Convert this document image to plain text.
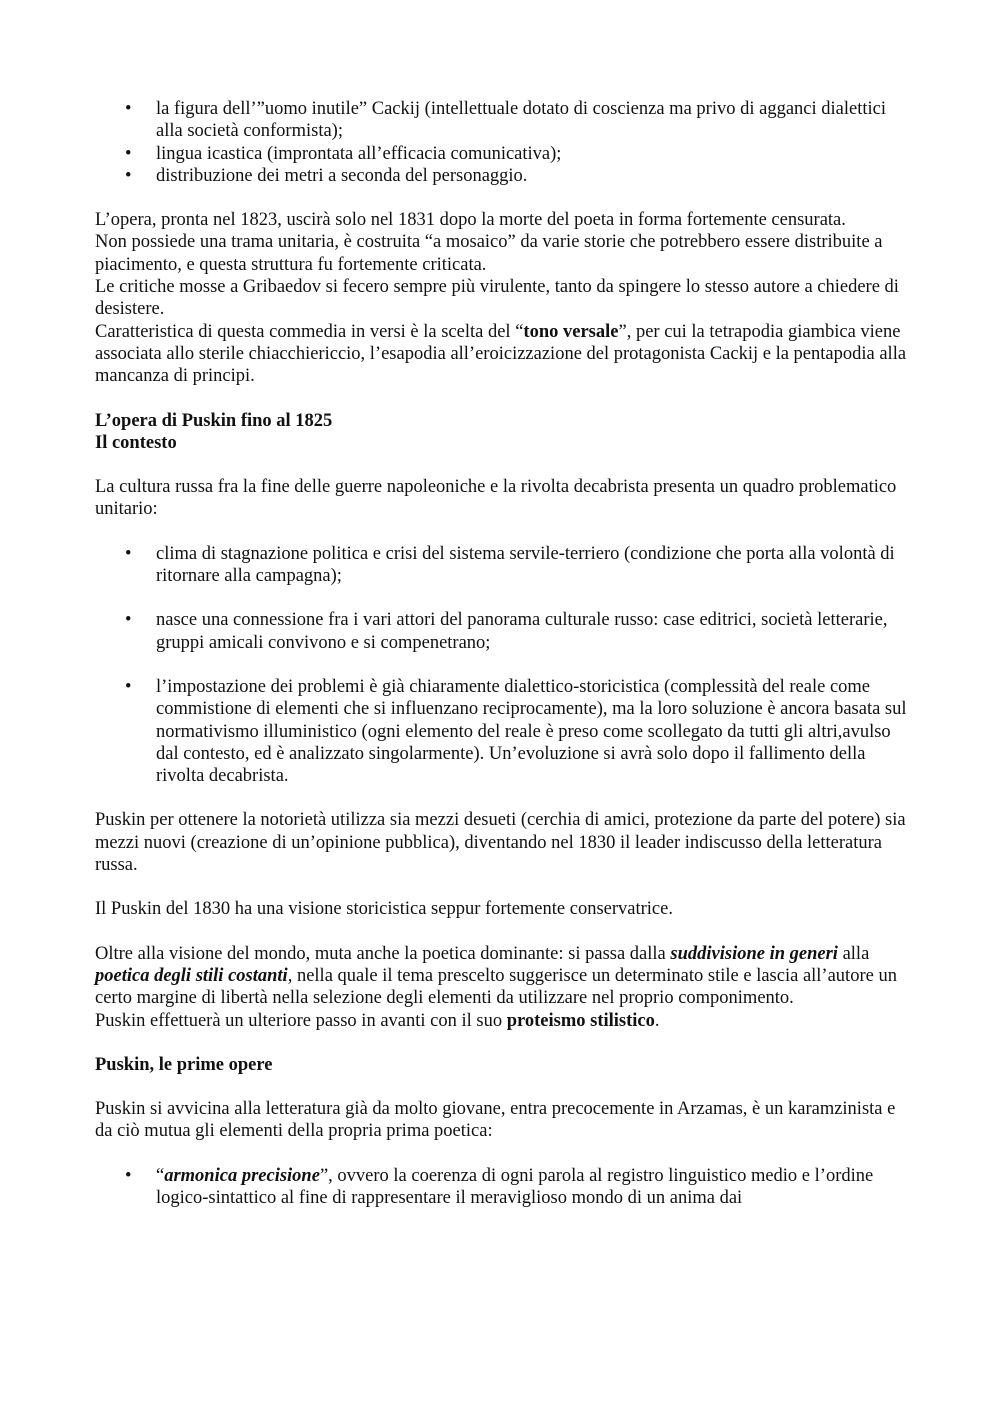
• la figura dell’”uomo inutile” Cackij (intellettuale dotato di coscienza ma privo di agganci dialettici alla società conformista);
• lingua icastica (improntata all’efficacia comunicativa);
• distribuzione dei metri a seconda del personaggio.

L’opera, pronta nel 1823, uscirà solo nel 1831 dopo la morte del poeta in forma fortemente censurata.

Non possiede una trama unitaria, è costruita “a mosaico” da varie storie che potrebbero essere distribuite a piacimento, e questa struttura fu fortemente criticata.

Le critiche mosse a Gribaedov si fecero sempre più virulente, tanto da spingere lo stesso autore a chiedere di desistere.

Caratteristica di questa commedia in versi è la scelta del “tono versale”, per cui la tetrapodia giambica viene associata allo sterile chiacchiericcio, l’esapodia all’eroicizzazione del protagonista Cackij e la pentapodia alla mancanza di principi.

L’opera di Puskin fino al 1825

Il contesto

La cultura russa fra la fine delle guerre napoleoniche e la rivolta decabrista presenta un quadro problematico unitario:

• clima di stagnazione politica e crisi del sistema servile-terriero (condizione che porta alla volontà di ritornare alla campagna);
• nasce una connessione fra i vari attori del panorama culturale russo: case editrici, società letterarie, gruppi amicali convivono e si compenetrano;
• l’impostazione dei problemi è già chiaramente dialettico-storicistica (complessità del reale come commistione di elementi che si influenzano reciprocamente), ma la loro soluzione è ancora basata sul normativismo illuministico (ogni elemento del reale è preso come scollegato da tutti gli altri,avulso dal contesto, ed è analizzato singolarmente). Un’evoluzione si avrà solo dopo il fallimento della rivolta decabrista.

Puskin per ottenere la notorietà utilizza sia mezzi desueti (cerchia di amici, protezione da parte del potere) sia mezzi nuovi (creazione di un’opinione pubblica), diventando nel 1830 il leader indiscusso della letteratura russa.

Il Puskin del 1830 ha una visione storicistica seppur fortemente conservatrice.

Oltre alla visione del mondo, muta anche la poetica dominante: si passa dalla suddivisione in generi alla poetica degli stili costanti, nella quale il tema prescelto suggerisce un determinato stile e lascia all’autore un certo margine di libertà nella selezione degli elementi da utilizzare nel proprio componimento.

Puskin effettuerà un ulteriore passo in avanti con il suo proteismo stilistico.

Puskin, le prime opere

Puskin si avvicina alla letteratura già da molto giovane, entra precocemente in Arzamas, è un karamzinista e da ciò mutua gli elementi della propria prima poetica:

• “armonica precisione”, ovvero la coerenza di ogni parola al registro linguistico medio e l’ordine logico-sintattico al fine di rappresentare il meraviglioso mondo di un anima dai
